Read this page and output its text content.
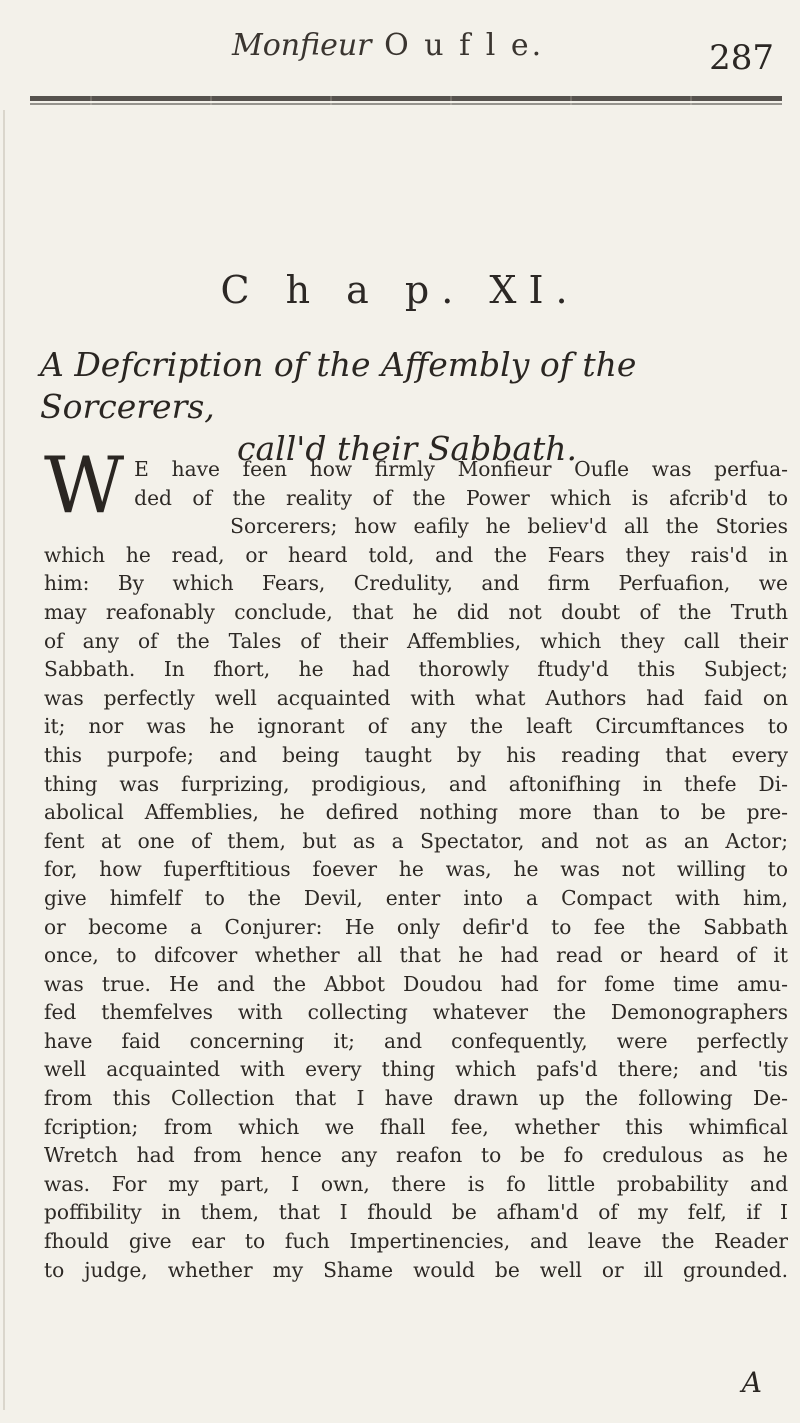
Monfieur O u f l e.	287
C h a p. XI.
A Defcription of the Affembly of the Sorcerers,
call'd their Sabbath.
W E have feen how firmly Monfieur Oufle was perfua-
ded of the reality of the Power which is afcrib'd to
Sorcerers; how eafily he believ'd all the Stories
which he read, or heard told, and the Fears they rais'd in
him: By which Fears, Credulity, and firm Perfuafion, we
may reafonably conclude, that he did not doubt of the Truth
of any of the Tales of their Affemblies, which they call their
Sabbath. In fhort, he had thorowly ftudy'd this Subject;
was perfectly well acquainted with what Authors had faid on
it; nor was he ignorant of any the leaft Circumftances to
this purpofe; and being taught by his reading that every
thing was furprizing, prodigious, and aftonifhing in thefe Di-
abolical Affemblies, he defired nothing more than to be pre-
fent at one of them, but as a Spectator, and not as an Actor;
for, how fuperftitious foever he was, he was not willing to
give himfelf to the Devil, enter into a Compact with him,
or become a Conjurer: He only defir'd to fee the Sabbath
once, to difcover whether all that he had read or heard of it
was true. He and the Abbot Doudou had for fome time amu-
fed themfelves with collecting whatever the Demonographers
have faid concerning it; and confequently, were perfectly
well acquainted with every thing which pafs'd there; and 'tis
from this Collection that I have drawn up the following De-
fcription; from which we fhall fee, whether this whimfical
Wretch had from hence any reafon to be fo credulous as he
was. For my part, I own, there is fo little probability and
poffibility in them, that I fhould be afham'd of my felf, if I
fhould give ear to fuch Impertinencies, and leave the Reader
to judge, whether my Shame would be well or ill grounded.
A
